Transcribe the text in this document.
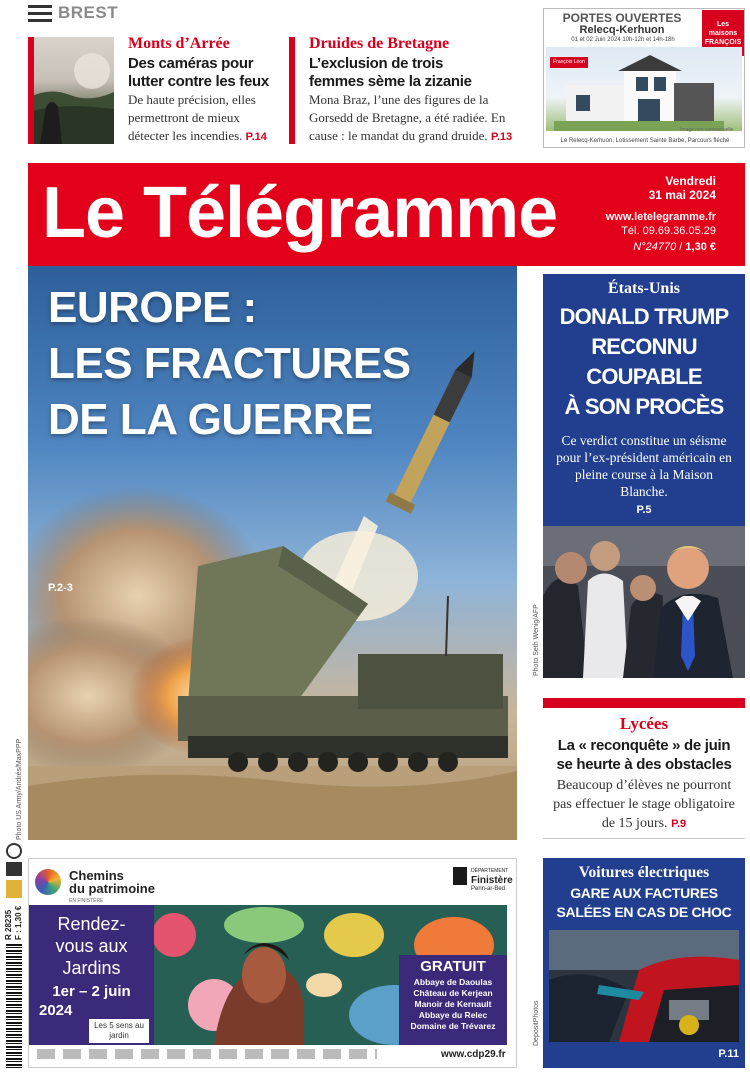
BREST
Monts d’Arrée
Des caméras pour lutter contre les feux
De haute précision, elles permettront de mieux détecter les incendies. P.14
Druides de Bretagne
L’exclusion de trois femmes sème la zizanie
Mona Braz, l’une des figures de la Gorsedd de Bretagne, a été radiée. En cause : le mandat du grand druide. P.13
PORTES OUVERTES
Relecq-Kerhuon
01 et 02 Juin 2024 10h-12h et 14h-18h
Les maisons FRANÇOIS
François Léon
Image non contractuelle
Le Relecq-Kerhuon, Lotissement Sainte Barbe, Parcours fléché
Le Télégramme	Vendredi
31 mai 2024
www.letelegramme.fr
Tél. 09.69.36.05.29
N°24770 / 1,30 €
EUROPE :
LES FRACTURES
DE LA GUERRE
P.2-3
Photo US Army/Andrés/MaxPPP
États-Unis
DONALD TRUMP
RECONNU
COUPABLE
À SON PROCÈS
Ce verdict constitue un séisme pour l’ex-président américain en pleine course à la Maison Blanche.
P.5
Photo Seth Wenig/AFP
Lycées
La « reconquête » de juin se heurte à des obstacles
Beaucoup d’élèves ne pourront pas effectuer le stage obligatoire de 15 jours. P.9
Voitures électriques
GARE AUX FACTURES
SALÉES EN CAS DE CHOC
P.11
DepositPhotos
Chemins
du patrimoine
EN FINISTÈRE
DÉPARTEMENT
Finistère
Penn-ar-Bed
Rendez-
vous aux
Jardins
1er – 2 juin
2024
Les 5 sens au jardin
GRATUIT
Abbaye de Daoulas
Château de Kerjean
Manoir de Kernault
Abbaye du Relec
Domaine de Trévarez
www.cdp29.fr
R 28235 F : 1,30 €
